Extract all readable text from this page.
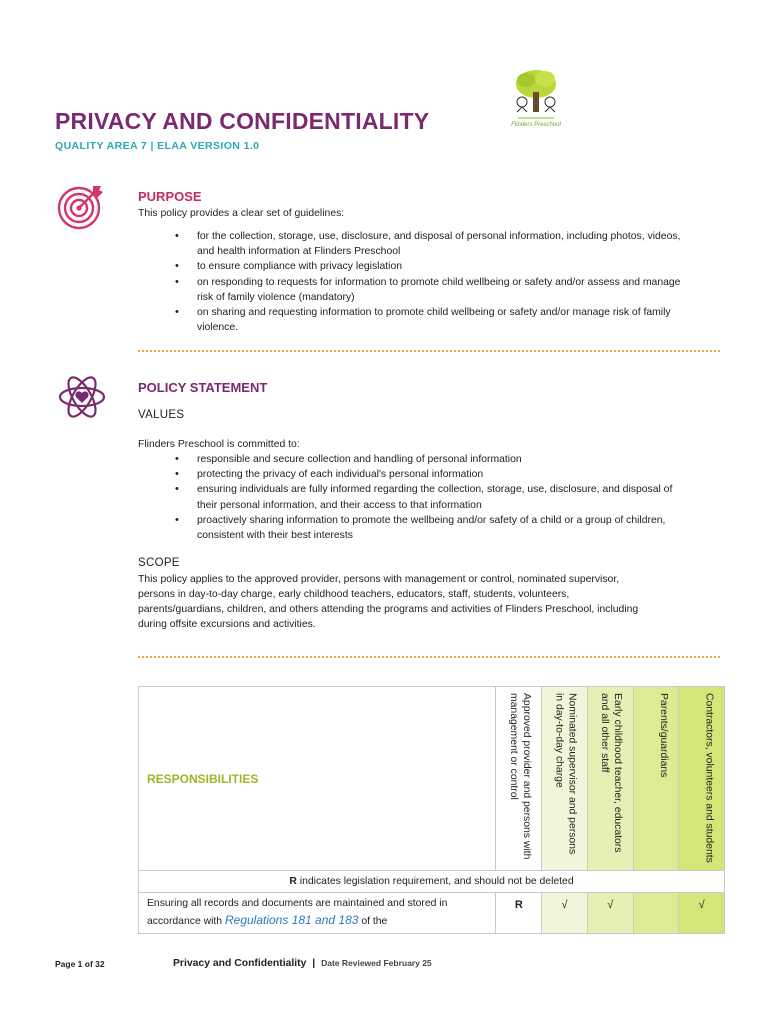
Flinders Preschool
PRIVACY AND CONFIDENTIALITY
QUALITY AREA 7 | ELAA VERSION 1.0
PURPOSE
This policy provides a clear set of guidelines:
• for the collection, storage, use, disclosure, and disposal of personal information, including photos, videos, and health information at Flinders Preschool
• to ensure compliance with privacy legislation
• on responding to requests for information to promote child wellbeing or safety and/or assess and manage risk of family violence (mandatory)
• on sharing and requesting information to promote child wellbeing or safety and/or manage risk of family violence.
POLICY STATEMENT
VALUES
Flinders Preschool is committed to:
• responsible and secure collection and handling of personal information
• protecting the privacy of each individual's personal information
• ensuring individuals are fully informed regarding the collection, storage, use, disclosure, and disposal of their personal information, and their access to that information
• proactively sharing information to promote the wellbeing and/or safety of a child or a group of children, consistent with their best interests
SCOPE
This policy applies to the approved provider, persons with management or control, nominated supervisor, persons in day-to-day charge, early childhood teachers, educators, staff, students, volunteers, parents/guardians, children, and others attending the programs and activities of Flinders Preschool, including during offsite excursions and activities.
RESPONSIBILITIES	Approved provider and persons with management or control	Nominated supervisor and persons in day-to-day charge	Early childhood teacher, educators and all other staff	Parents/guardians	Contractors, volunteers and students

R indicates legislation requirement, and should not be deleted					
Ensuring all records and documents are maintained and stored in accordance with Regulations 181 and 183 of the	R	√	√		√
Page 1 of 32	Privacy and Confidentiality | Date Reviewed February 25
